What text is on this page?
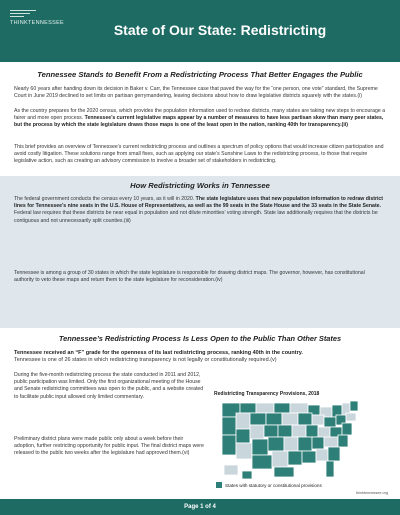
THINKTENNESSEE	State of Our State: Redistricting
Tennessee Stands to Benefit From a Redistricting Process That Better Engages the Public
Nearly 60 years after handing down its decision in Baker v. Carr, the Tennessee case that paved the way for the “one person, one vote” standard, the Supreme Court in June 2019 declined to set limits on partisan gerrymandering, leaving decisions about how to draw legislative districts squarely with the states.(i)
As the country prepares for the 2020 census, which provides the population information used to redraw districts, many states are taking new steps to encourage a fairer and more open process. Tennessee’s current legislative maps appear by a number of measures to have less partisan skew than many peer states, but the process by which the state legislature draws those maps is one of the least open in the nation, ranking 40th for transparency.(ii)
This brief provides an overview of Tennessee’s current redistricting process and outlines a spectrum of policy options that would increase citizen participation and avoid costly litigation. These solutions range from small fixes, such as applying our state’s Sunshine Laws to the redistricting process, to those that require legislative action, such as creating an advisory commission to involve a broader set of stakeholders in redistricting.
How Redistricting Works in Tennessee
The federal government conducts the census every 10 years, as it will in 2020. The state legislature uses that new population information to redraw district lines for Tennessee’s nine seats in the U.S. House of Representatives, as well as the 99 seats in the State House and the 33 seats in the State Senate. Federal law requires that these districts be near equal in population and not dilute minorities’ voting strength. State law additionally requires that the districts be contiguous and not unnecessarily split counties.(iii)
Tennessee is among a group of 30 states in which the state legislature is responsible for drawing district maps. The governor, however, has constitutional authority to veto these maps and return them to the state legislature for reconsideration.(iv)
Tennessee’s Redistricting Process Is Less Open to the Public Than Other States
Tennessee received an “F” grade for the openness of its last redistricting process, ranking 40th in the country.
Tennessee is one of 26 states in which redistricting transparency is not legally or constitutionally required.(v)
During the five-month redistricting process the state conducted in 2011 and 2012, public participation was limited. Only the first organizational meeting of the House and Senate redistricting committees was open to the public, and a website created to facilitate public input allowed only limited commentary.
Preliminary district plans were made public only about a week before their adoption, further restricting opportunity for public input. The final district maps were released to the public two weeks after the legislature had approved them.(vi)
Redistricting Transparency Provisions, 2018
States with statutory or constitutional provisions
thinktennessee.org
Page 1 of 4
